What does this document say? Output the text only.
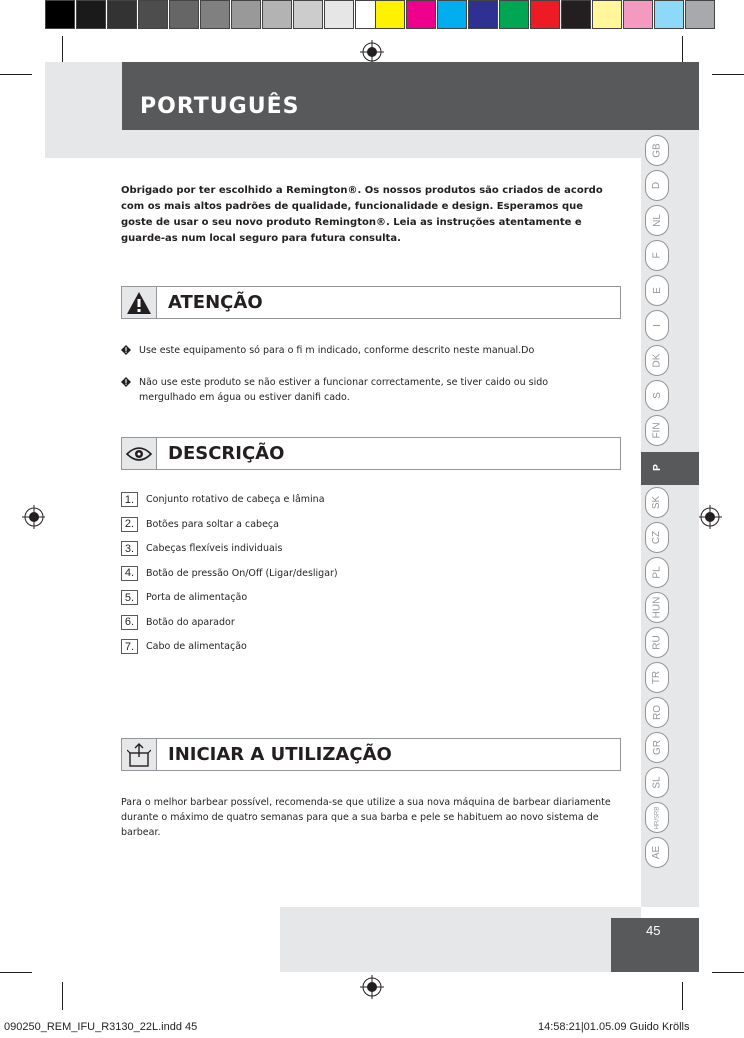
PORTUGUÊS
Obrigado por ter escolhido a Remington®. Os nossos produtos são criados de acordo com os mais altos padrões de qualidade, funcionalidade e design. Esperamos que goste de usar o seu novo produto Remington®. Leia as instruções atentamente e guarde-as num local seguro para futura consulta.
ATENÇÃO
Use este equipamento só para o fi m indicado, conforme descrito neste manual.Do
Não use este produto se não estiver a funcionar correctamente, se tiver caido ou sido mergulhado em água ou estiver danifi cado.
DESCRIÇÃO
1.	Conjunto rotativo de cabeça e lâmina
2.	Botões para soltar a cabeça
3.	Cabeças flexíveis individuais
4.	Botão de pressão On/Off (Ligar/desligar)
5.	Porta de alimentação
6.	Botão do aparador
7.	Cabo de alimentação
INICIAR A UTILIZAÇÃO
Para o melhor barbear possível, recomenda-se que utilize a sua nova máquina de barbear diariamente durante o máximo de quatro semanas para que a sua barba e pele se habituem ao novo sistema de barbear.
GB
D
NL
F
E
I
DK
S
FIN
P
SK
CZ
PL
HUN
RU
TR
RO
GR
SL
HR/SRB
AE
45
090250_REM_IFU_R3130_22L.indd 45	14:58:21|01.05.09 Guido Krölls
